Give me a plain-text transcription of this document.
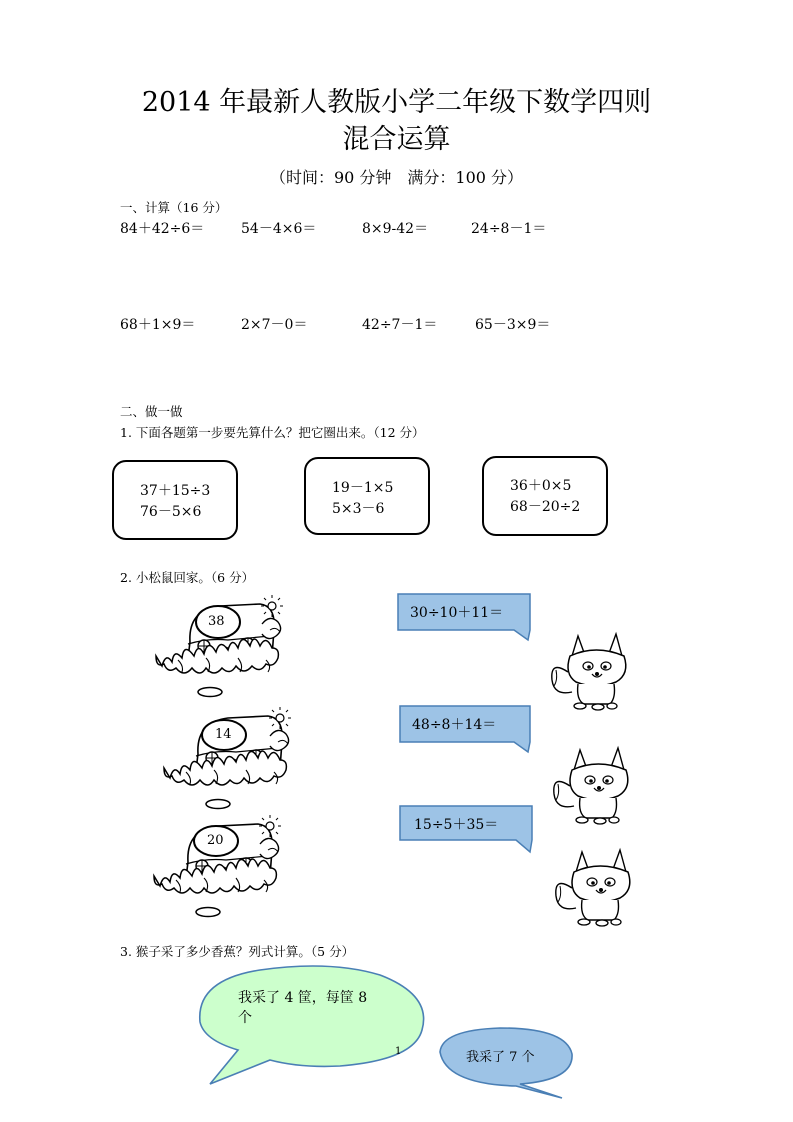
2014 年最新人教版小学二年级下数学四则
混合运算
（时间：90 分钟　满分：100 分）
一、计算（16 分）
84＋42÷6＝	54－4×6＝	8×9-42＝	24÷8－1＝
68＋1×9＝	2×7－0＝	42÷7－1＝	65－3×9＝
二、做一做
1. 下面各题第一步要先算什么？把它圈出来。（12 分）
37＋15÷3
76－5×6
19－1×5
5×3－6
36＋0×5
68－20÷2
2. 小松鼠回家。（6 分）
38
14
20
30÷10＋11＝
48÷8＋14＝
15÷5＋35＝
3. 猴子采了多少香蕉？列式计算。（5 分）
我采了 4 筐，每筐 8
个
我采了 7 个
1
